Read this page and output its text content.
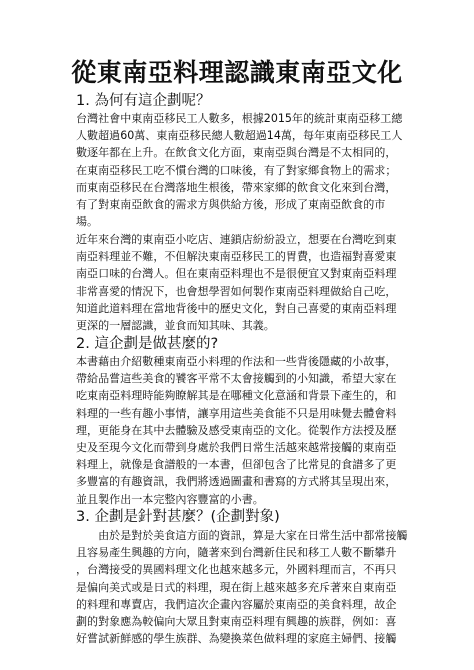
從東南亞料理認識東南亞文化
1. 為何有這企劃呢？
台灣社會中東南亞移民工人數多，根據2015年的統計東南亞移工總
人數超過60萬、東南亞移民總人數超過14萬，每年東南亞移民工人
數逐年都在上升。在飲食文化方面，東南亞與台灣是不太相同的，
在東南亞移民工吃不慣台灣的口味後，有了對家鄉食物上的需求；
而東南亞移民在台灣落地生根後，帶來家鄉的飲食文化來到台灣，
有了對東南亞飲食的需求方與供給方後，形成了東南亞飲食的市
場。
近年來台灣的東南亞小吃店、連鎖店紛紛設立，想要在台灣吃到東
南亞料理並不難，不但解決東南亞移民工的胃費，也造福對喜愛東
南亞口味的台灣人。但在東南亞料理也不是很便宜又對東南亞料理
非常喜愛的情況下，也會想學習如何製作東南亞料理做給自己吃，
知道此道料理在當地背後中的歷史文化，對自己喜愛的東南亞料理
更深的一層認識，並食而知其味、其義。
2. 這企劃是做甚麼的?
本書藉由介紹數種東南亞小料理的作法和一些背後隱藏的小故事，
帶給品嘗這些美食的饕客平常不太會接觸到的小知識，希望大家在
吃東南亞料理時能夠瞭解其是在哪種文化意涵和背景下產生的，和
料理的一些有趣小事情，讓享用這些美食能不只是用味覺去體會料
理，更能身在其中去體驗及感受東南亞的文化。從製作方法授及歷
史及至現今文化而帶到身處於我們日常生活越來越常接觸的東南亞
料理上，就像是食譜般的一本書，但卻包含了比常見的食譜多了更
多豐富的有趣資訊，我們將透過圖畫和書寫的方式將其呈現出來，
並且製作出一本完整內容豐富的小書。
3. 企劃是針對甚麼？(企劃對象)
　　由於是對於美食這方面的資訊，算是大家在日常生活中都常接觸
且容易產生興趣的方向，隨著來到台灣新住民和移工人數不斷攀升
，台灣接受的異國料理文化也越來越多元，外國料理而言，不再只
是偏向美式或是日式的料理，現在街上越來越多充斥著來自東南亞
的料理和專賣店，我們這次企畫內容屬於東南亞的美食料理，故企
劃的對象應為較偏向大眾且對東南亞料理有興趣的族群，例如：喜
好嘗試新鮮感的學生族群、為變換菜色做料理的家庭主婦們、接觸
